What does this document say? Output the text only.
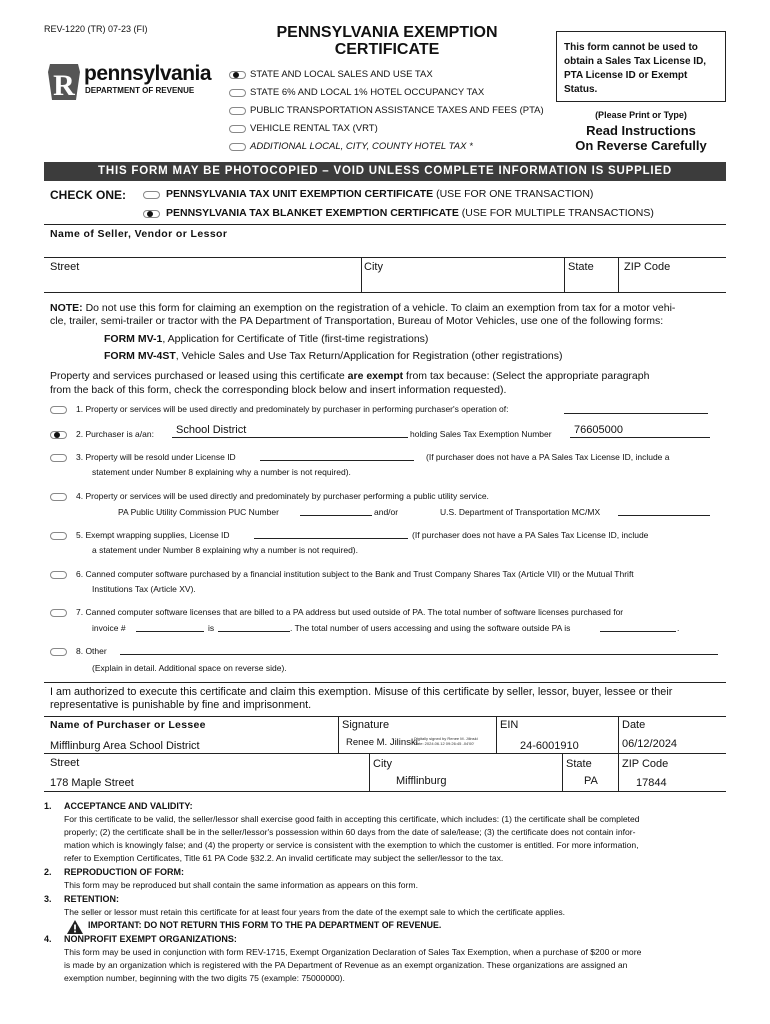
REV-1220 (TR) 07-23 (FI)
R pennsylvania
DEPARTMENT OF REVENUE
PENNSYLVANIA EXEMPTION
CERTIFICATE
STATE AND LOCAL SALES AND USE TAX
STATE 6% AND LOCAL 1% HOTEL OCCUPANCY TAX
PUBLIC TRANSPORTATION ASSISTANCE TAXES AND FEES (PTA)
VEHICLE RENTAL TAX (VRT)
ADDITIONAL LOCAL, CITY, COUNTY HOTEL TAX *
This form cannot be used to obtain a Sales Tax License ID, PTA License ID or Exempt Status.
(Please Print or Type)
Read Instructions
On Reverse Carefully
THIS FORM MAY BE PHOTOCOPIED – VOID UNLESS COMPLETE INFORMATION IS SUPPLIED
CHECK ONE:	PENNSYLVANIA TAX UNIT EXEMPTION CERTIFICATE (USE FOR ONE TRANSACTION)
PENNSYLVANIA TAX BLANKET EXEMPTION CERTIFICATE (USE FOR MULTIPLE TRANSACTIONS)
Name of Seller, Vendor or Lessor
Street	City	State	ZIP Code
NOTE: Do not use this form for claiming an exemption on the registration of a vehicle. To claim an exemption from tax for a motor vehi-
cle, trailer, semi-trailer or tractor with the PA Department of Transportation, Bureau of Motor Vehicles, use one of the following forms:
FORM MV-1, Application for Certificate of Title (first-time registrations)
FORM MV-4ST, Vehicle Sales and Use Tax Return/Application for Registration (other registrations)
Property and services purchased or leased using this certificate are exempt from tax because: (Select the appropriate paragraph
from the back of this form, check the corresponding block below and insert information requested).
1. Property or services will be used directly and predominately by purchaser in performing purchaser's operation of:
2. Purchaser is a/an: School District	holding Sales Tax Exemption Number 76605000
3. Property will be resold under License ID	(If purchaser does not have a PA Sales Tax License ID, include a
statement under Number 8 explaining why a number is not required).
4. Property or services will be used directly and predominately by purchaser performing a public utility service.
PA Public Utility Commission PUC Number	and/or	U.S. Department of Transportation MC/MX
5. Exempt wrapping supplies, License ID	(If purchaser does not have a PA Sales Tax License ID, include
a statement under Number 8 explaining why a number is not required).
6. Canned computer software purchased by a financial institution subject to the Bank and Trust Company Shares Tax (Article VII) or the Mutual Thrift
Institutions Tax (Article XV).
7. Canned computer software licenses that are billed to a PA address but used outside of PA. The total number of software licenses purchased for
invoice #	is	. The total number of users accessing and using the software outside PA is	.
8. Other
(Explain in detail. Additional space on reverse side).
I am authorized to execute this certificate and claim this exemption. Misuse of this certificate by seller, lessor, buyer, lessee or their
representative is punishable by fine and imprisonment.
Name of Purchaser or Lessee
Mifflinburg Area School District
Signature
Renee M. Jilinski
Digitally signed by Renee M. Jilinski
Date: 2024.06.12 09:26:45 -04'00'
EIN
24-6001910
Date
06/12/2024
Street
178 Maple Street
City
Mifflinburg
State
PA
ZIP Code
17844
1. ACCEPTANCE AND VALIDITY:
For this certificate to be valid, the seller/lessor shall exercise good faith in accepting this certificate, which includes: (1) the certificate shall be completed
properly; (2) the certificate shall be in the seller/lessor's possession within 60 days from the date of sale/lease; (3) the certificate does not contain infor-
mation which is knowingly false; and (4) the property or service is consistent with the exemption to which the customer is entitled. For more information,
refer to Exemption Certificates, Title 61 PA Code §32.2. An invalid certificate may subject the seller/lessor to the tax.
2. REPRODUCTION OF FORM:
This form may be reproduced but shall contain the same information as appears on this form.
3. RETENTION:
The seller or lessor must retain this certificate for at least four years from the date of the exempt sale to which the certificate applies.
IMPORTANT: DO NOT RETURN THIS FORM TO THE PA DEPARTMENT OF REVENUE.
4. NONPROFIT EXEMPT ORGANIZATIONS:
This form may be used in conjunction with form REV-1715, Exempt Organization Declaration of Sales Tax Exemption, when a purchase of $200 or more
is made by an organization which is registered with the PA Department of Revenue as an exempt organization. These organizations are assigned an
exemption number, beginning with the two digits 75 (example: 75000000).
